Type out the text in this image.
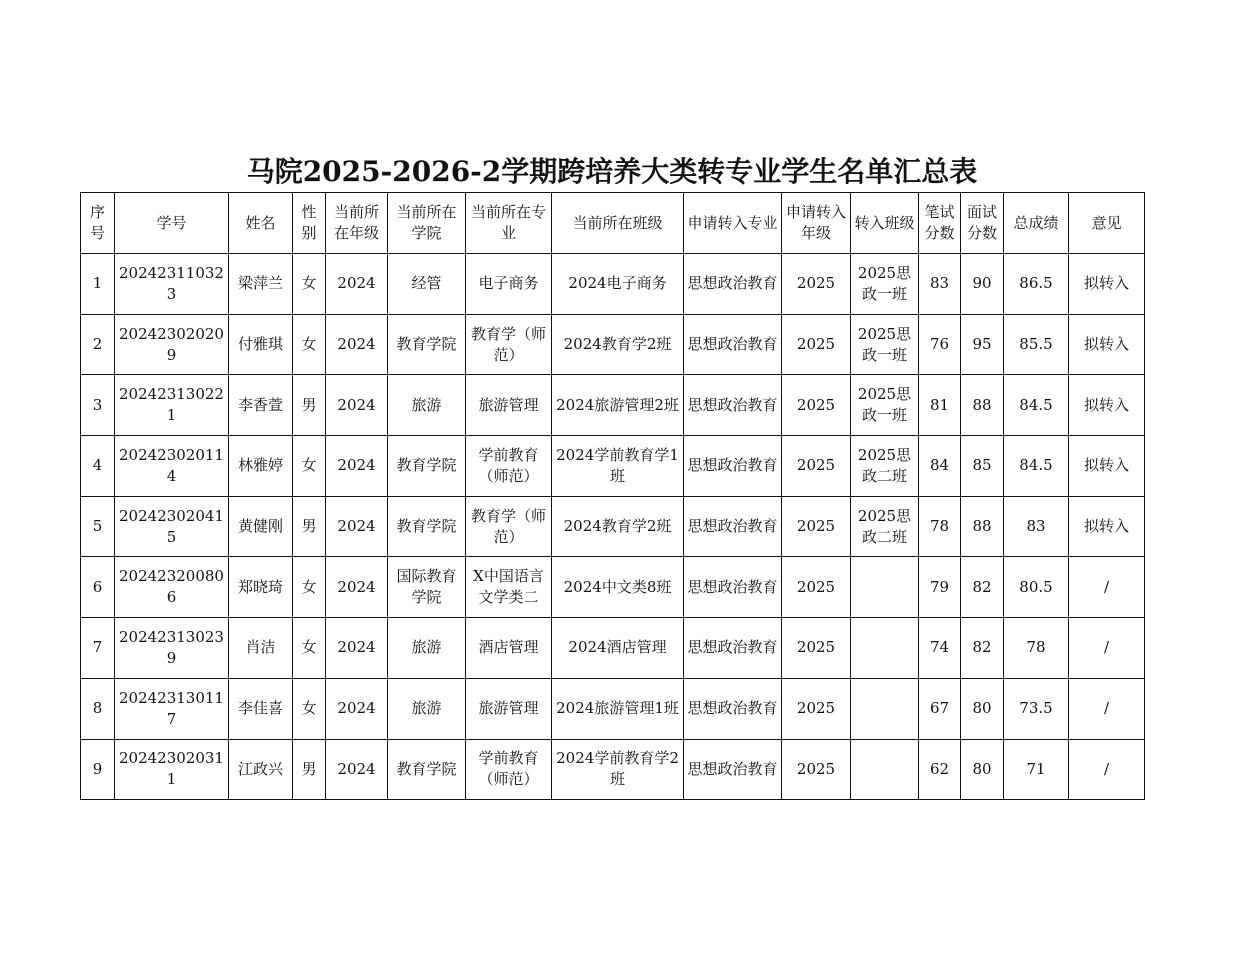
马院2025-2026-2学期跨培养大类转专业学生名单汇总表
序号	学号	姓名	性别	当前所在年级	当前所在学院	当前所在专业	当前所在班级	申请转入专业	申请转入年级	转入班级	笔试分数	面试分数	总成绩	意见
1	202423110323	梁萍兰	女	2024	经管	电子商务	2024电子商务	思想政治教育	2025	2025思政一班	83	90	86.5	拟转入
2	202423020209	付雅琪	女	2024	教育学院	教育学（师范）	2024教育学2班	思想政治教育	2025	2025思政一班	76	95	85.5	拟转入
3	202423130221	李香萱	男	2024	旅游	旅游管理	2024旅游管理2班	思想政治教育	2025	2025思政一班	81	88	84.5	拟转入
4	202423020114	林雅婷	女	2024	教育学院	学前教育（师范）	2024学前教育学1班	思想政治教育	2025	2025思政二班	84	85	84.5	拟转入
5	202423020415	黄健刚	男	2024	教育学院	教育学（师范）	2024教育学2班	思想政治教育	2025	2025思政二班	78	88	83	拟转入
6	202423200806	郑晓琦	女	2024	国际教育学院	X中国语言文学类二	2024中文类8班	思想政治教育	2025		79	82	80.5	/
7	202423130239	肖洁	女	2024	旅游	酒店管理	2024酒店管理	思想政治教育	2025		74	82	78	/
8	202423130117	李佳喜	女	2024	旅游	旅游管理	2024旅游管理1班	思想政治教育	2025		67	80	73.5	/
9	202423020311	江政兴	男	2024	教育学院	学前教育（师范）	2024学前教育学2班	思想政治教育	2025		62	80	71	/
